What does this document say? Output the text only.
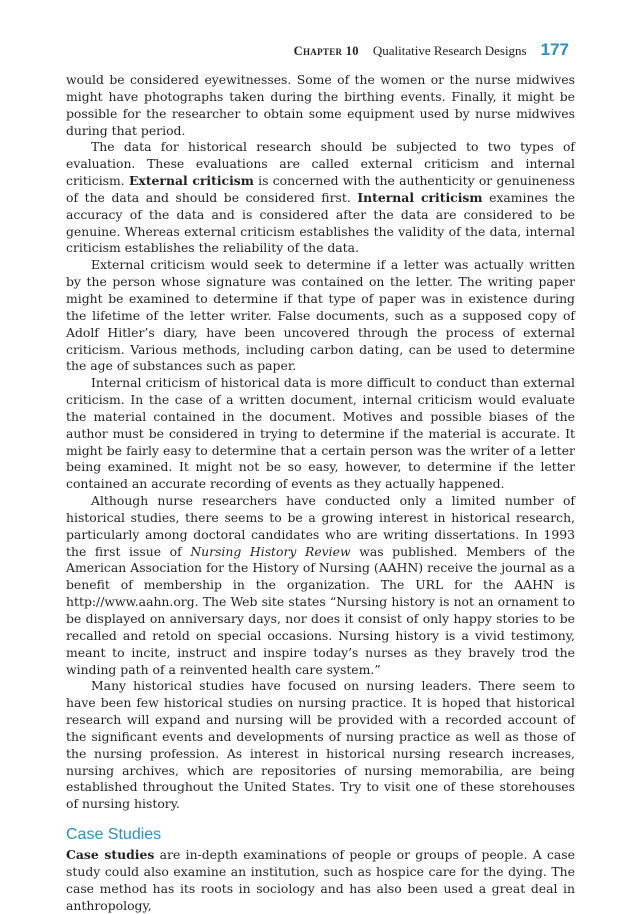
Chapter 10 Qualitative Research Designs 177

would be considered eyewitnesses. Some of the women or the nurse midwives might have photographs taken during the birthing events. Finally, it might be possible for the researcher to obtain some equipment used by nurse midwives during that period.

The data for historical research should be subjected to two types of evaluation. These evaluations are called external criticism and internal criticism. External criticism is concerned with the authenticity or genuineness of the data and should be considered first. Internal criticism examines the accuracy of the data and is considered after the data are considered to be genuine. Whereas external criticism establishes the validity of the data, internal criticism establishes the reliability of the data.

External criticism would seek to determine if a letter was actually written by the person whose signature was contained on the letter. The writing paper might be examined to determine if that type of paper was in existence during the lifetime of the letter writer. False documents, such as a supposed copy of Adolf Hitler’s diary, have been uncovered through the process of external criticism. Various methods, including carbon dating, can be used to determine the age of substances such as paper.

Internal criticism of historical data is more difficult to conduct than external criticism. In the case of a written document, internal criticism would evaluate the material contained in the document. Motives and possible biases of the author must be considered in trying to determine if the material is accurate. It might be fairly easy to determine that a certain person was the writer of a letter being examined. It might not be so easy, however, to determine if the letter contained an accurate recording of events as they actually happened.

Although nurse researchers have conducted only a limited number of historical studies, there seems to be a growing interest in historical research, particularly among doctoral candidates who are writing dissertations. In 1993 the first issue of Nursing History Review was published. Members of the American Association for the History of Nursing (AAHN) receive the journal as a benefit of membership in the organization. The URL for the AAHN is http://www.aahn.org. The Web site states “Nursing history is not an ornament to be displayed on anniversary days, nor does it consist of only happy stories to be recalled and retold on special occasions. Nursing history is a vivid testimony, meant to incite, instruct and inspire today’s nurses as they bravely trod the winding path of a reinvented health care system.”

Many historical studies have focused on nursing leaders. There seem to have been few historical studies on nursing practice. It is hoped that historical research will expand and nursing will be provided with a recorded account of the significant events and developments of nursing practice as well as those of the nursing profession. As interest in historical nursing research increases, nursing archives, which are repositories of nursing memorabilia, are being established throughout the United States. Try to visit one of these storehouses of nursing history.

Case Studies

Case studies are in-depth examinations of people or groups of people. A case study could also examine an institution, such as hospice care for the dying. The case method has its roots in sociology and has also been used a great deal in anthropology,
